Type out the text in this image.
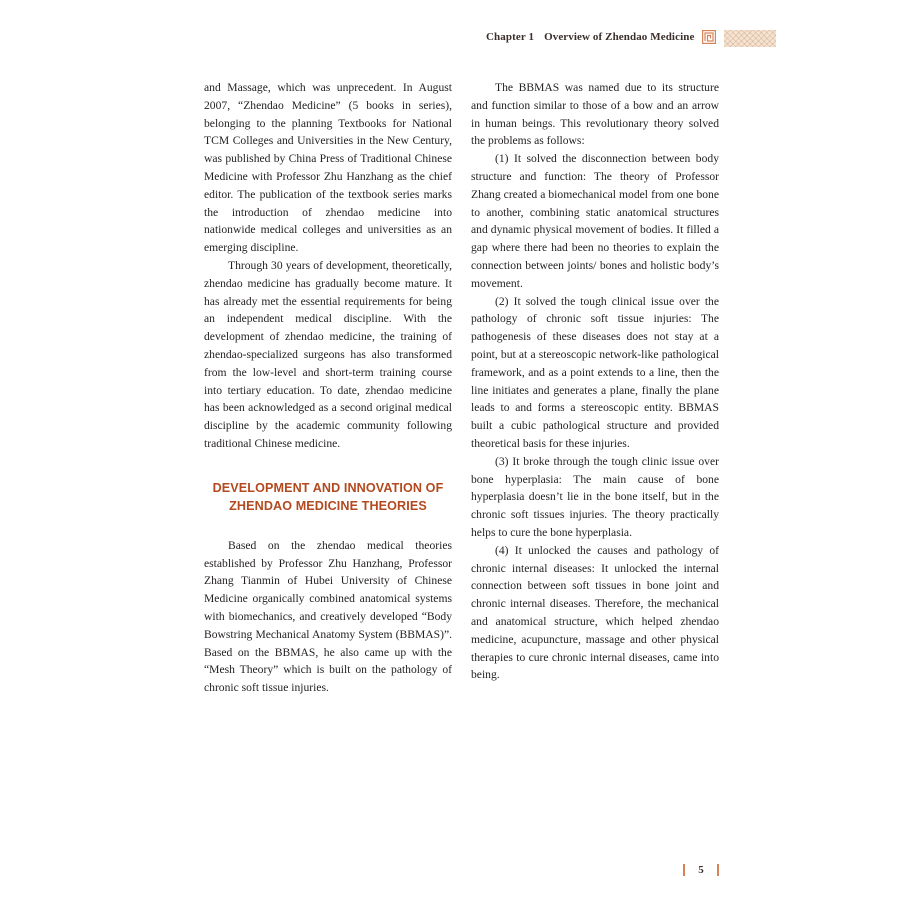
Chapter 1 Overview of Zhendao Medicine

and Massage, which was unprecedent. In August 2007, “Zhendao Medicine” (5 books in series), belonging to the planning Textbooks for National TCM Colleges and Universities in the New Century, was published by China Press of Traditional Chinese Medicine with Professor Zhu Hanzhang as the chief editor. The publication of the textbook series marks the introduction of zhendao medicine into nationwide medical colleges and universities as an emerging discipline.

Through 30 years of development, theoretically, zhendao medicine has gradually become mature. It has already met the essential requirements for being an independent medical discipline. With the development of zhendao medicine, the training of zhendao-specialized surgeons has also transformed from the low-level and short-term training course into tertiary education. To date, zhendao medicine has been acknowledged as a second original medical discipline by the academic community following traditional Chinese medicine.

DEVELOPMENT AND INNOVATION OF
ZHENDAO MEDICINE THEORIES

Based on the zhendao medical theories established by Professor Zhu Hanzhang, Professor Zhang Tianmin of Hubei University of Chinese Medicine organically combined anatomical systems with biomechanics, and creatively developed “Body Bowstring Mechanical Anatomy System (BBMAS)”. Based on the BBMAS, he also came up with the “Mesh Theory” which is built on the pathology of chronic soft tissue injuries.

The BBMAS was named due to its structure and function similar to those of a bow and an arrow in human beings. This revolutionary theory solved the problems as follows:

(1) It solved the disconnection between body structure and function: The theory of Professor Zhang created a biomechanical model from one bone to another, combining static anatomical structures and dynamic physical movement of bodies. It filled a gap where there had been no theories to explain the connection between joints/ bones and holistic body’s movement.

(2) It solved the tough clinical issue over the pathology of chronic soft tissue injuries: The pathogenesis of these diseases does not stay at a point, but at a stereoscopic network-like pathological framework, and as a point extends to a line, then the line initiates and generates a plane, finally the plane leads to and forms a stereoscopic entity. BBMAS built a cubic pathological structure and provided theoretical basis for these injuries.

(3) It broke through the tough clinic issue over bone hyperplasia: The main cause of bone hyperplasia doesn’t lie in the bone itself, but in the chronic soft tissues injuries. The theory practically helps to cure the bone hyperplasia.

(4) It unlocked the causes and pathology of chronic internal diseases: It unlocked the internal connection between soft tissues in bone joint and chronic internal diseases. Therefore, the mechanical and anatomical structure, which helped zhendao medicine, acupuncture, massage and other physical therapies to cure chronic internal diseases, came into being.

5
